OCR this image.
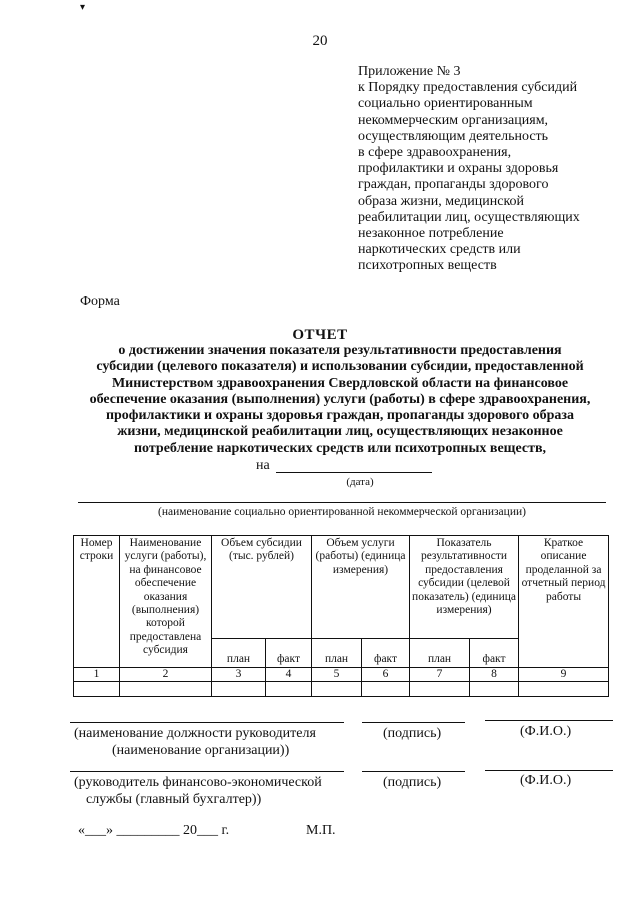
▾
20
Приложение № 3
к Порядку предоставления субсидий
социально ориентированным
некоммерческим организациям,
осуществляющим деятельность
в сфере здравоохранения,
профилактики и охраны здоровья
граждан, пропаганды здорового
образа жизни, медицинской
реабилитации лиц, осуществляющих
незаконное потребление
наркотических средств или
психотропных веществ
Форма
ОТЧЕТ
о достижении значения показателя результативности предоставления
субсидии (целевого показателя) и использовании субсидии, предоставленной
Министерством здравоохранения Свердловской области на финансовое
обеспечение оказания (выполнения) услуги (работы) в сфере здравоохранения,
профилактики и охраны здоровья граждан, пропаганды здорового образа
жизни, медицинской реабилитации лиц, осуществляющих незаконное
потребление наркотических средств или психотропных веществ,
на
(дата)
(наименование социально ориентированной некоммерческой организации)
Номер строки	Наименование услуги (работы), на финансовое обеспечение оказания (выполнения) которой предоставлена субсидия	Объем субсидии (тыс. рублей)		Объем услуги (работы) (единица измерения)		Показатель результативности предоставления субсидии (целевой показатель) (единица измерения)		Краткое описание проделанной за отчетный период работы
		план	факт	план	факт	план	факт	
1	2	3	4	5	6	7	8	9

(наименование должности руководителя
(наименование организации))
(подпись)	(Ф.И.О.)
(руководитель финансово-экономической
службы (главный бухгалтер))
(подпись)	(Ф.И.О.)
«___» _________ 20___ г.	М.П.
